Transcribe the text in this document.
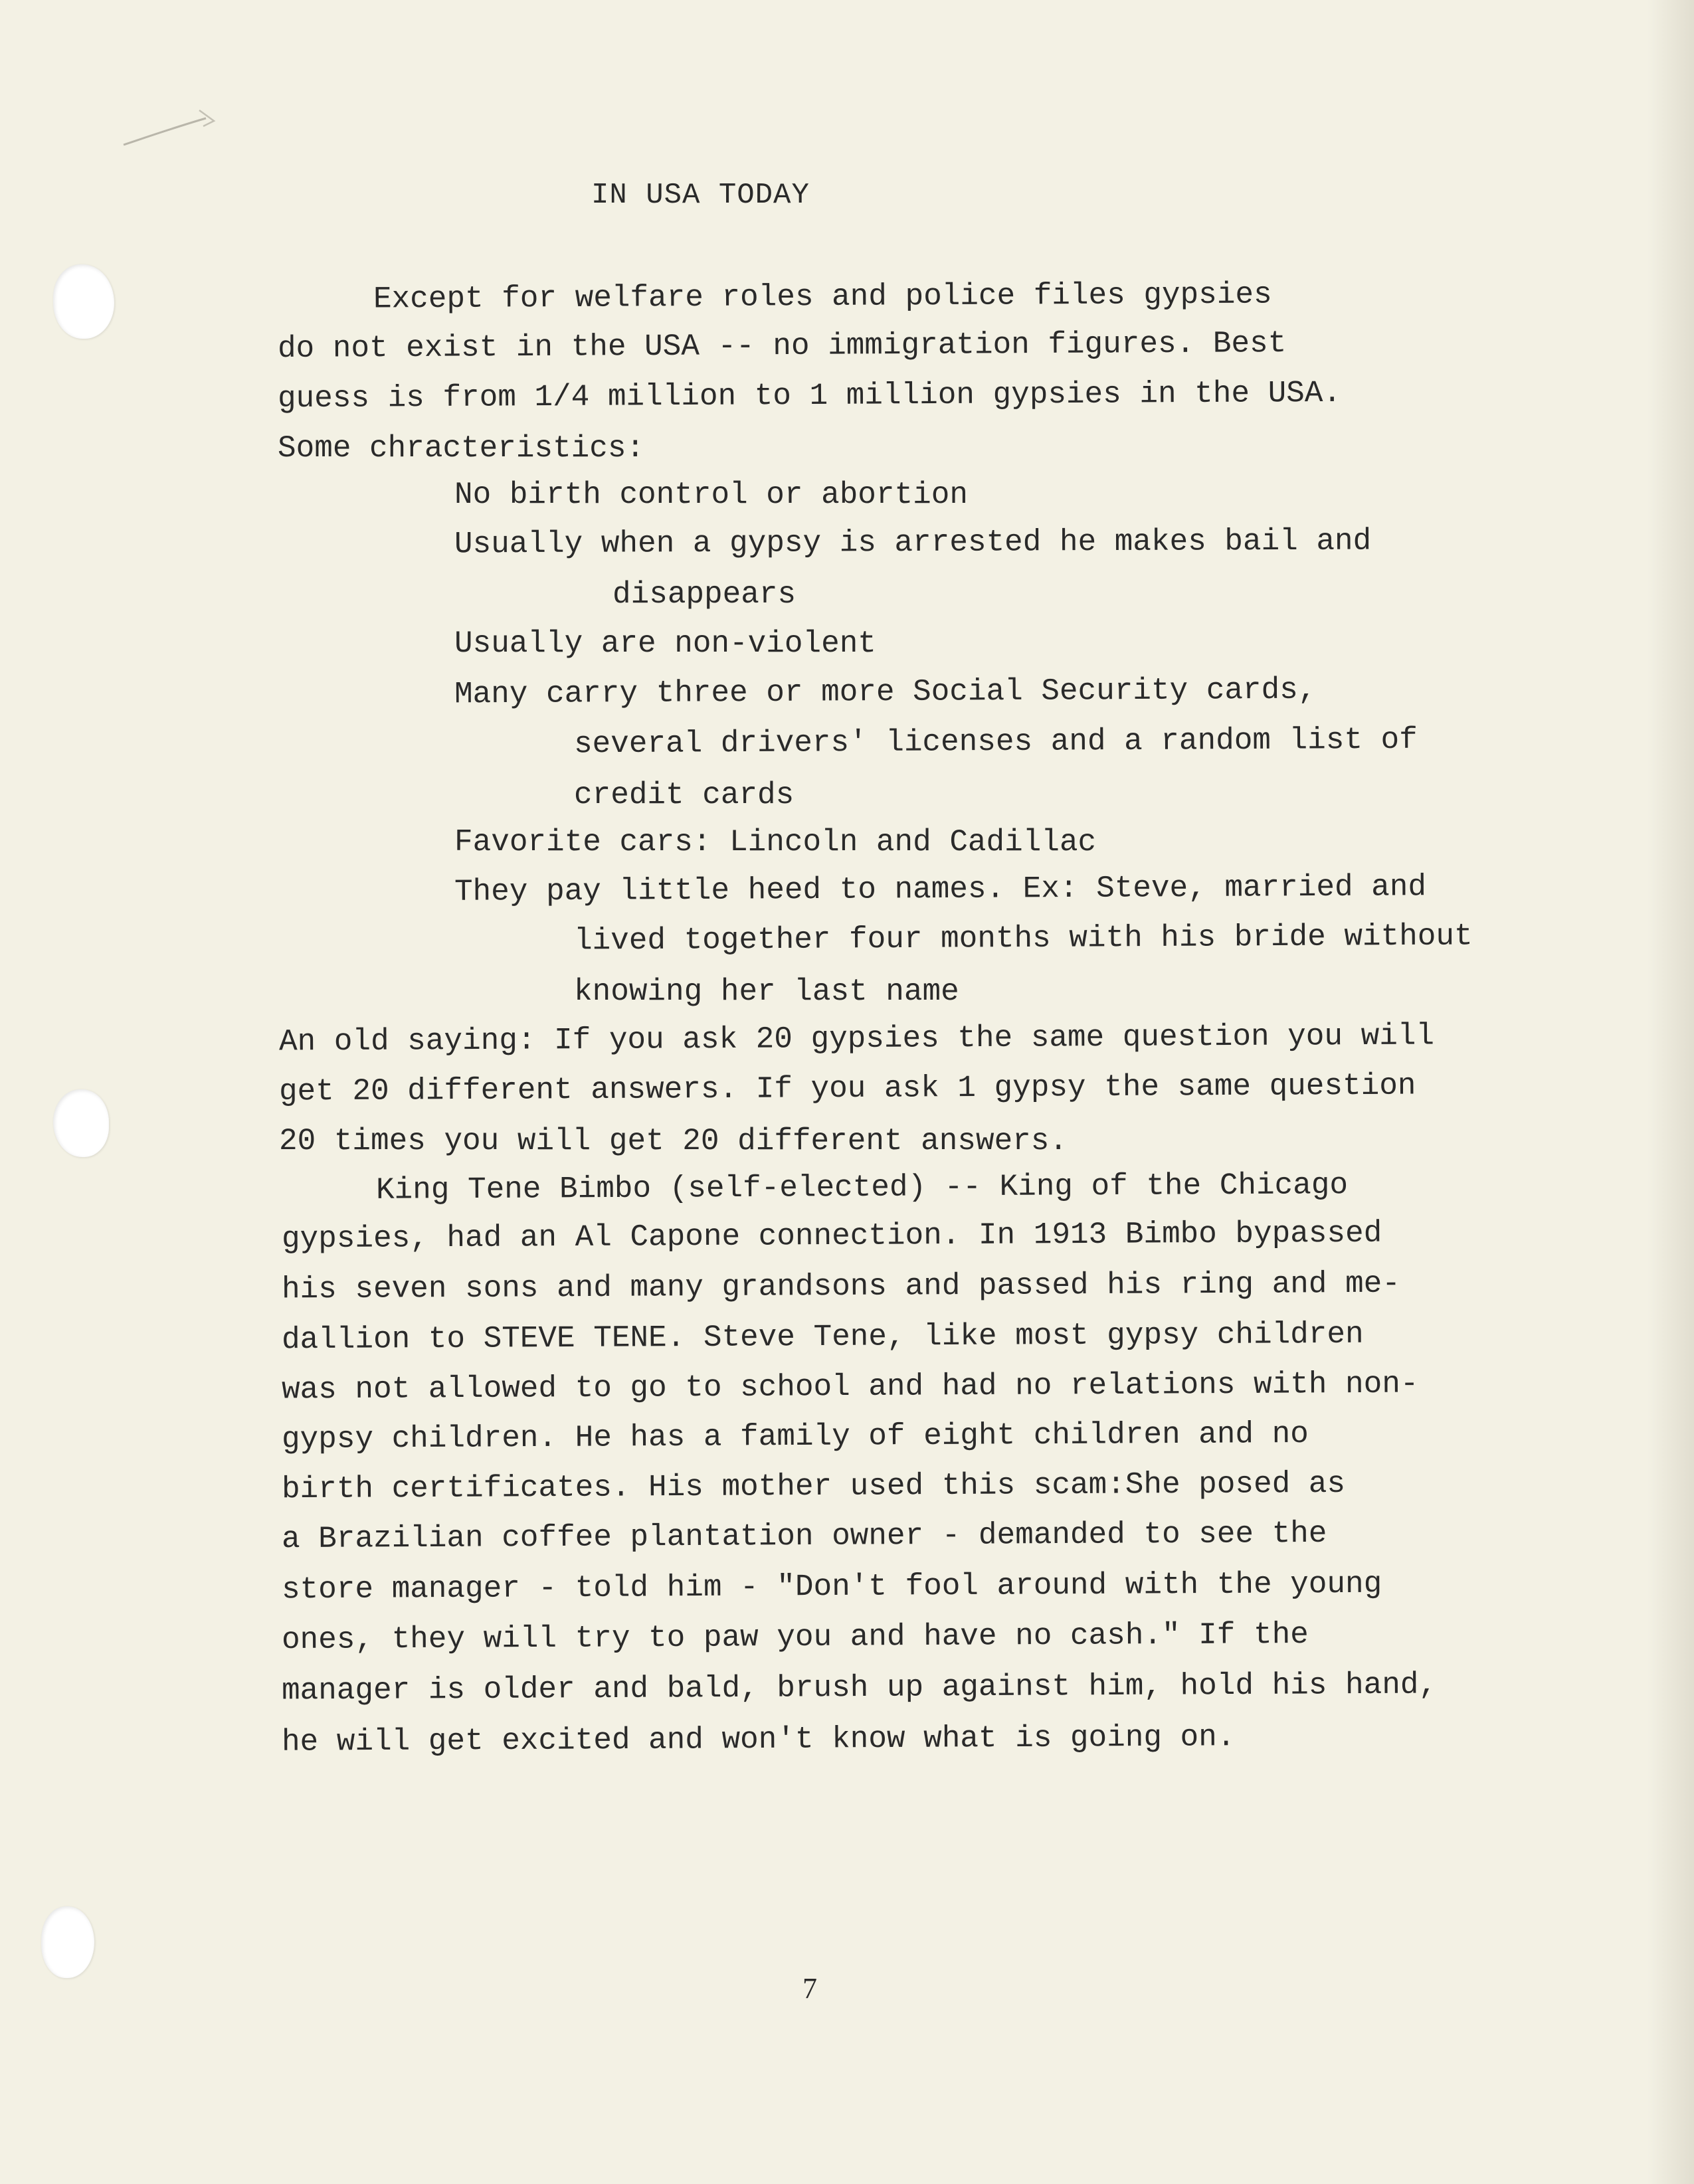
IN USA TODAY

Except for welfare roles and police files gypsies

do not exist in the USA -- no immigration figures. Best

guess is from 1/4 million to 1 million gypsies in the USA.

Some chracteristics:

No birth control or abortion

Usually when a gypsy is arrested he makes bail and

disappears

Usually are non-violent

Many carry three or more Social Security cards,

several drivers' licenses and a random list of

credit cards

Favorite cars: Lincoln and Cadillac

They pay little heed to names. Ex: Steve, married and

lived together four months with his bride without

knowing her last name

An old saying: If you ask 20 gypsies the same question you will

get 20 different answers. If you ask 1 gypsy the same question

20 times you will get 20 different answers.

King Tene Bimbo (self-elected) -- King of the Chicago

gypsies, had an Al Capone connection. In 1913 Bimbo bypassed

his seven sons and many grandsons and passed his ring and me-

dallion to STEVE TENE. Steve Tene, like most gypsy children

was not allowed to go to school and had no relations with non-

gypsy children. He has a family of eight children and no

birth certificates. His mother used this scam:She posed as

a Brazilian coffee plantation owner - demanded to see the

store manager - told him - "Don't fool around with the young

ones, they will try to paw you and have no cash." If the

manager is older and bald, brush up against him, hold his hand,

he will get excited and won't know what is going on.

7
